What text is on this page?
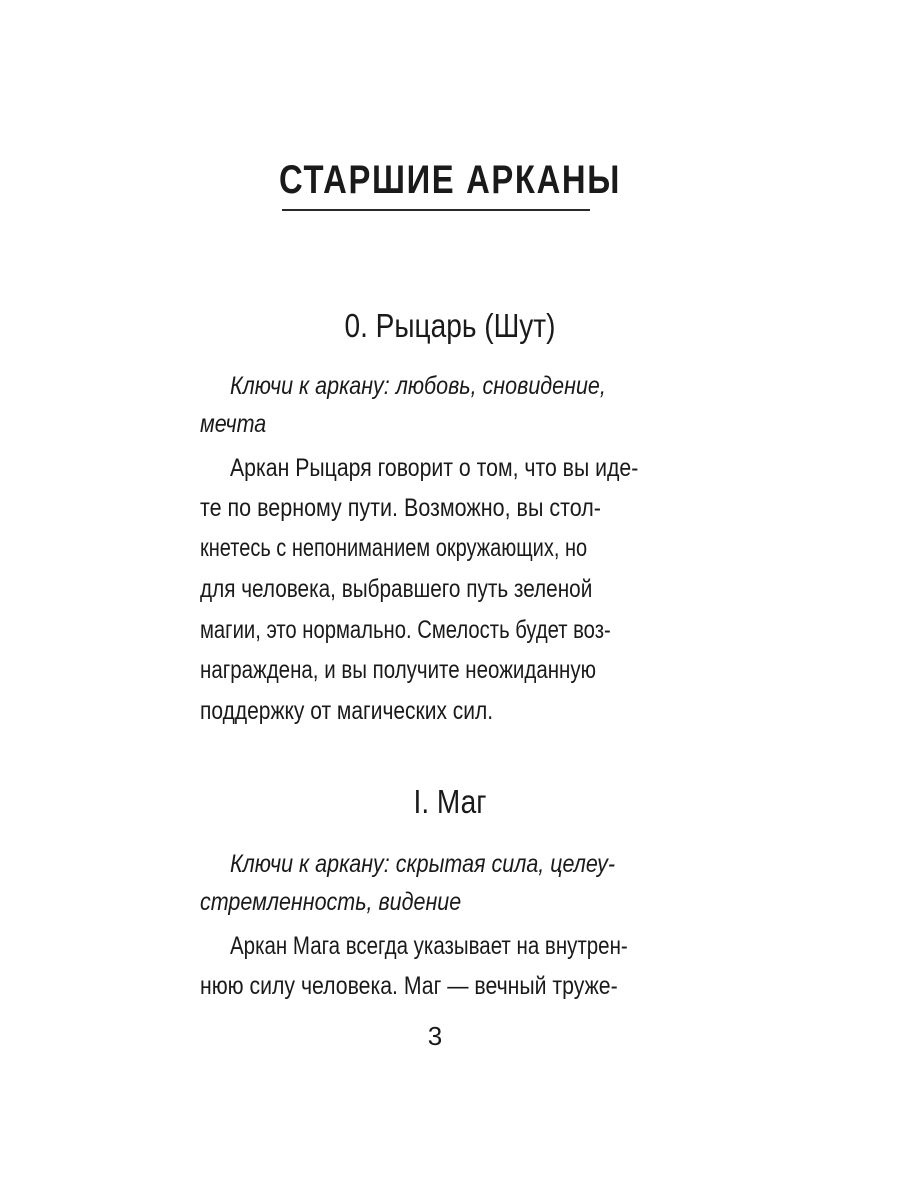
СТАРШИЕ АРКАНЫ
0. Рыцарь (Шут)
Ключи к аркану: любовь, сновидение,
мечта
Аркан Рыцаря говорит о том, что вы иде-
те по верному пути. Возможно, вы стол-
кнетесь с непониманием окружающих, но
для человека, выбравшего путь зеленой
магии, это нормально. Смелость будет воз-
награждена, и вы получите неожиданную
поддержку от магических сил.
I. Маг
Ключи к аркану: скрытая сила, целеу-
стремленность, видение
Аркан Мага всегда указывает на внутрен-
нюю силу человека. Маг — вечный труже-
3
